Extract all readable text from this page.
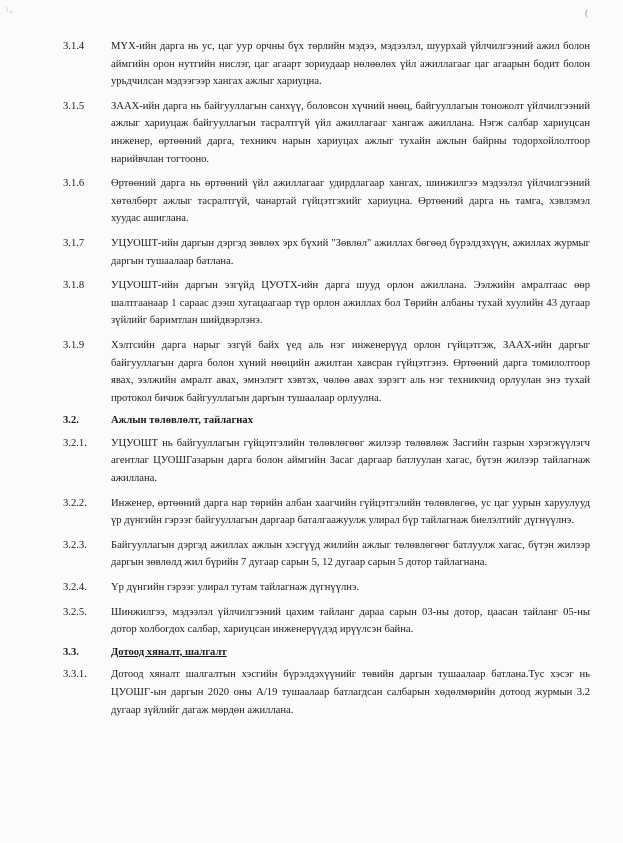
\ ,	(
3.1.4	МҮХ-ийн дарга нь ус, цаг уур орчны бүх төрлийн мэдээ, мэдээлэл, шуурхай үйлчилгээний ажил болон аймгийн орон нутгийн нислэг, цаг агаарт зориудаар нөлөөлөх үйл ажиллагааг цаг агаарын бодит болон урьдчилсан мэдээгээр хангах ажлыг хариуцна.
3.1.5	ЗААХ-ийн дарга нь байгууллагын санхүү, боловсон хүчний нөөц, байгууллагын тоножолт үйлчилгээний ажлыг хариуцаж байгууллагын тасралтгүй үйл ажиллагааг хангаж ажиллана. Нэгж салбар хариуцсан инженер, өртөөний дарга, техникч нарын хариуцах ажлыг тухайн ажлын байрны тодорхойлолтоор нарийвчлан тогтооно.
3.1.6	Өртөөний дарга нь өртөөний үйл ажиллагааг удирдлагаар хангах, шинжилгээ мэдээлэл үйлчилгээний хөтөлбөрт ажлыг тасралтгүй, чанартай гүйцэтгэхийг хариуцна. Өртөөний дарга нь тамга, хэвлэмэл хуудас ашиглана.
3.1.7	УЦУОШТ-ийн даргын дэргэд зөвлөх эрх бүхий "Зөвлөл" ажиллах бөгөөд бүрэлдэхүүн, ажиллах журмыг даргын тушаалаар батлана.
3.1.8	УЦУОШТ-ийн даргын эзгүйд ЦУОТХ-ийн дарга шууд орлон ажиллана. Ээлжийн амралтаас өөр шалтгаанаар 1 сараас дээш хугацаагаар түр орлон ажиллах бол Төрийн албаны тухай хуулийн 43 дугаар зүйлийг баримтлан шийдвэрлэнэ.
3.1.9	Хэлтсийн дарга нарыг эзгүй байх үед аль нэг инженерүүд орлон гүйцэтгэж, ЗААХ-ийн даргыг байгууллагын дарга болон хүний нөөцийн ажилтан хавсран гүйцэтгэнэ. Өртөөний дарга томилолтоор явах, ээлжийн амралт авах, эмнэлэгт хэвтэх, чөлөө авах зэрэгт аль нэг техникчид орлуулан энэ тухай протокол бичиж байгууллагын даргын тушаалаар орлуулна.
3.2.	Ажлын төлөвлөлт, тайлагнах
3.2.1.	УЦУОШТ нь байгууллагын гүйцэтгэлийн төлөвлөгөөг жилээр төлөвлөж Засгийн газрын хэрэгжүүлэгч агентлаг ЦУОШГазарын дарга болон аймгийн Засаг даргаар батлуулан хагас, бүтэн жилээр тайлагнаж ажиллана.
3.2.2.	Инженер, өртөөний дарга нар төрийн албан хаагчийн гүйцэтгэлийн төлөвлөгөө, ус цаг уурын харуулууд үр дүнгийн гэрээг байгууллагын даргаар баталгаажуулж улирал бүр тайлагнаж биелэлтийг дүгнүүлнэ.
3.2.3.	Байгууллагын дэргэд ажиллах ажлын хэсгүүд жилийн ажлыг төлөвлөгөөг батлуулж хагас, бүтэн жилээр даргын зөвлөлд жил бүрийн 7 дугаар сарын 5, 12 дугаар сарын 5 дотор тайлагнана.
3.2.4.	Үр дүнгийн гэрээг улирал тутам тайлагнаж дүгнүүлнэ.
3.2.5.	Шинжилгээ, мэдээлэл үйлчилгээний цахим тайланг дараа сарын 03-ны дотор, цаасан тайланг 05-ны дотор холбогдох салбар, хариуцсан инженерүүдэд ирүүлсэн байна.
3.3.	Дотоод хяналт, шалгалт
3.3.1.	Дотоод хяналт шалгалтын хэсгийн бүрэлдэхүүнийг төвийн даргын тушаалаар батлана.Тус хэсэг нь ЦУОШГ-ын даргын 2020 оны А/19 тушаалаар батлагдсан салбарын хөдөлмөрийн дотоод журмын 3.2 дугаар зүйлийг дагаж мөрдөн ажиллана.
